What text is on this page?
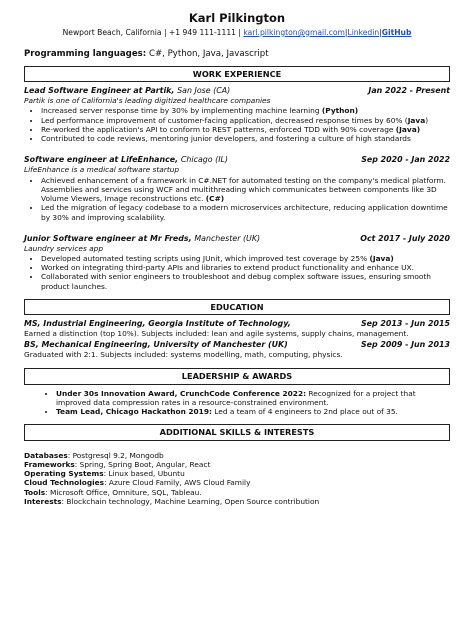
Karl Pilkington
Newport Beach, California | +1 949 111-1111 | karl.pilkington@gmail.com|Linkedin|GitHub
Programming languages: C#, Python, Java, Javascript
WORK EXPERIENCE
Lead Software Engineer at Partik, San Jose (CA)	Jan 2022 - Present
Partik is one of California's leading digitized healthcare companies
• Increased server response time by 30% by implementing machine learning (Python)
• Led performance improvement of customer-facing application, decreased response times by 60% (Java)
• Re-worked the application's API to conform to REST patterns, enforced TDD with 90% coverage (Java)
• Contributed to code reviews, mentoring junior developers, and fostering a culture of high standards
Software engineer at LifeEnhance, Chicago (IL)	Sep 2020 - Jan 2022
LifeEnhance is a medical software startup
• Achieved enhancement of a framework in C#.NET for automated testing on the company's medical platform. Assemblies and services using WCF and multithreading which communicates between components like 3D Volume Viewers, Image reconstructions etc. (C#)
• Led the migration of legacy codebase to a modern microservices architecture, reducing application downtime by 30% and improving scalability.
Junior Software engineer at Mr Freds, Manchester (UK)	Oct 2017 - July 2020
Laundry services app
• Developed automated testing scripts using JUnit, which improved test coverage by 25% (Java)
• Worked on integrating third-party APIs and libraries to extend product functionality and enhance UX.
• Collaborated with senior engineers to troubleshoot and debug complex software issues, ensuring smooth product launches.
EDUCATION
MS, Industrial Engineering, Georgia Institute of Technology,	Sep 2013 - Jun 2015
Earned a distinction (top 10%). Subjects included: lean and agile systems, supply chains, management.
BS, Mechanical Engineering, University of Manchester (UK)	Sep 2009 - Jun 2013
Graduated with 2:1. Subjects included: systems modelling, math, computing, physics.
LEADERSHIP & AWARDS
• Under 30s Innovation Award, CrunchCode Conference 2022: Recognized for a project that improved data compression rates in a resource-constrained environment.
• Team Lead, Chicago Hackathon 2019: Led a team of 4 engineers to 2nd place out of 35.
ADDITIONAL SKILLS & INTERESTS
Databases: Postgresql 9.2, Mongodb
Frameworks: Spring, Spring Boot, Angular, React
Operating Systems: Linux based, Ubuntu
Cloud Technologies: Azure Cloud Family, AWS Cloud Family
Tools: Microsoft Office, Omniture, SQL, Tableau.
Interests: Blockchain technology, Machine Learning, Open Source contribution
